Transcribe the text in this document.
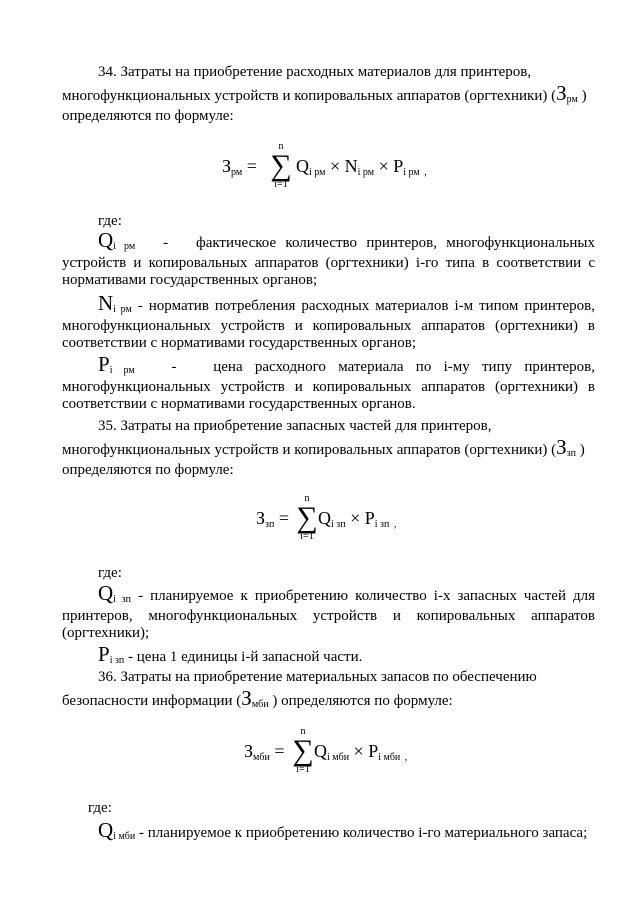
34. Затраты на приобретение расходных материалов для принтеров,

многофункциональных устройств и копировальных аппаратов (оргтехники) ($З_{рм}$ )

определяются по формуле:

Зрм =
n
∑
i=1
Qi рм × Ni рм × Pi рм ,

где:

$Q_{i рм}$ - фактическое количество принтеров, многофункциональных устройств и копировальных аппаратов (оргтехники) i-го типа в соответствии с нормативами государственных органов;

$N_{i рм}$ - норматив потребления расходных материалов i-м типом принтеров, многофункциональных устройств и копировальных аппаратов (оргтехники) в соответствии с нормативами государственных органов;

$P_{i рм}$ - цена расходного материала по i-му типу принтеров, многофункциональных устройств и копировальных аппаратов (оргтехники) в соответствии с нормативами государственных органов.

35. Затраты на приобретение запасных частей для принтеров,

многофункциональных устройств и копировальных аппаратов (оргтехники) ($З_{зп}$ )

определяются по формуле:

Ззп =
n
∑
i=1
Qi зп × Pi зп ,

где:

$Q_{i зп}$ - планируемое к приобретению количество i-х запасных частей для принтеров, многофункциональных устройств и копировальных аппаратов (оргтехники);

$P_{i зп}$ - цена 1 единицы i-й запасной части.

36. Затраты на приобретение материальных запасов по обеспечению

безопасности информации ($З_{мби}$ ) определяются по формуле:

Змби =
n
∑
i=1
Qi мби × Pi мби ,

где:

$Q_{i мби}$ - планируемое к приобретению количество i-го материального запаса;
